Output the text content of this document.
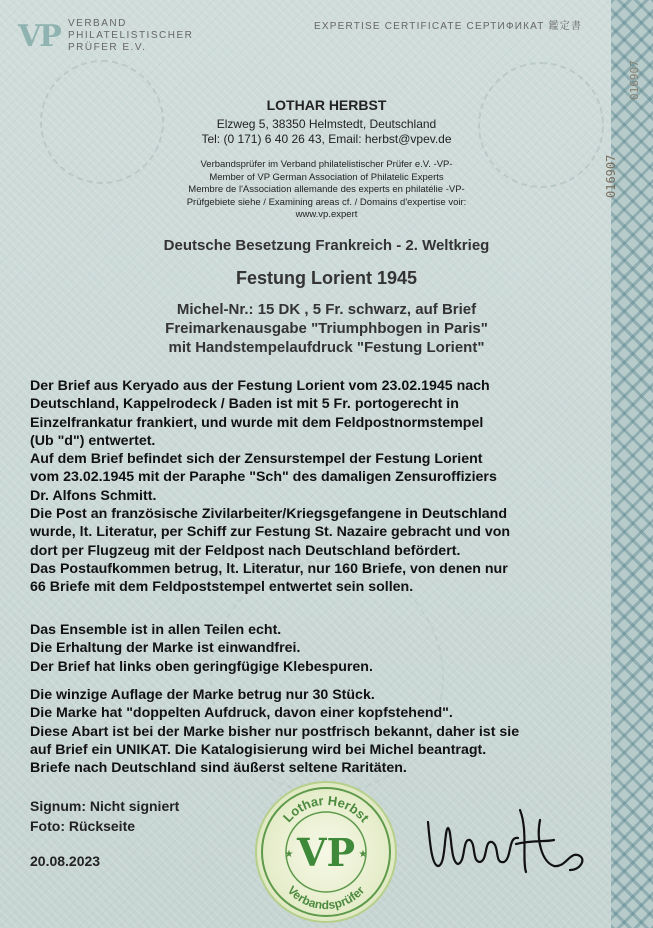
VP VERBAND
PHILATELISTISCHER
PRÜFER E.V.
EXPERTISE CERTIFICATE СЕРТИФИКАТ 鑑定書
016907
016907
LOTHAR HERBST
Elzweg 5, 38350 Helmstedt, Deutschland
Tel: (0 171) 6 40 26 43, Email: herbst@vpev.de
Verbandsprüfer im Verband philatelistischer Prüfer e.V. -VP-
Member of VP German Association of Philatelic Experts
Membre de l'Association allemande des experts en philatélie -VP-
Prüfgebiete siehe / Examining areas cf. / Domains d'expertise voir:
www.vp.expert
Deutsche Besetzung Frankreich - 2. Weltkrieg
Festung Lorient 1945
Michel-Nr.: 15 DK , 5 Fr. schwarz, auf Brief
Freimarkenausgabe "Triumphbogen in Paris"
mit Handstempelaufdruck "Festung Lorient"

Der Brief aus Keryado aus der Festung Lorient vom 23.02.1945 nach

Deutschland, Kappelrodeck / Baden ist mit 5 Fr. portogerecht in

Einzelfrankatur frankiert, und wurde mit dem Feldpostnormstempel

(Ub "d") entwertet.

Auf dem Brief befindet sich der Zensurstempel der Festung Lorient

vom 23.02.1945 mit der Paraphe "Sch" des damaligen Zensuroffiziers

Dr. Alfons Schmitt.

Die Post an französische Zivilarbeiter/Kriegsgefangene in Deutschland

wurde, lt. Literatur, per Schiff zur Festung St. Nazaire gebracht und von

dort per Flugzeug mit der Feldpost nach Deutschland befördert.

Das Postaufkommen betrug, lt. Literatur, nur 160 Briefe, von denen nur

66 Briefe mit dem Feldpoststempel entwertet sein sollen.

Das Ensemble ist in allen Teilen echt.

Die Erhaltung der Marke ist einwandfrei.

Der Brief hat links oben geringfügige Klebespuren.

Die winzige Auflage der Marke betrug nur 30 Stück.

Die Marke hat "doppelten Aufdruck, davon einer kopfstehend".

Diese Abart ist bei der Marke bisher nur postfrisch bekannt, daher ist sie

auf Brief ein UNIKAT. Die Katalogisierung wird bei Michel beantragt.

Briefe nach Deutschland sind äußerst seltene Raritäten.

Signum: Nicht signiert
Foto: Rückseite
20.08.2023
Lothar Herbst
Verbandsprüfer
VP
★	★
